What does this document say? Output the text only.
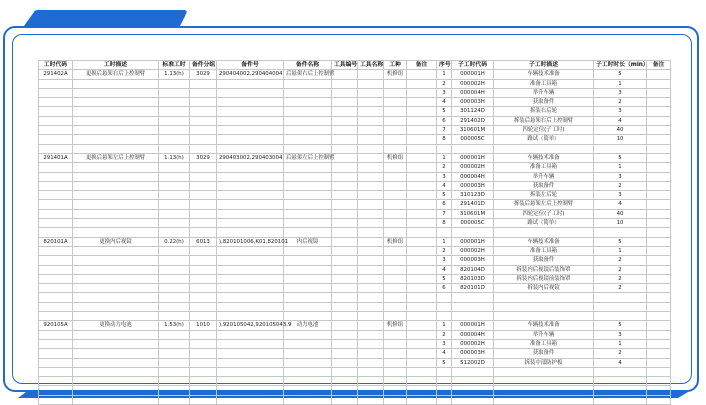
工时代码	工时描述	标准工时	备件分组	备件号	备件名称	工具编号	工具名称	工种	备注	序号	子工时代码	子工时描述	子工时时长（min）	备注
291402A	更换后悬架右后上控制臂	1.13(h)	3029	290404002,290404004	后悬架右后上控制臂			机修组		1	000001H	车辆技术准备	5	
										2	000002H	准备工具箱	1	
										3	000004H	举升车辆	3	
										4	000003H	获取备件	2	
										5	301124D	拆装右后轮	3	
										6	291402D	拆装后悬架右后上控制臂	4	
										7	310601M	四轮定位(子工时)	40	
										8	000005C	路试（简单）	10	

291401A	更换后悬架左后上控制臂	1.13(h)	3029	290403002,290403004	后悬架左后上控制臂			机修组		1	000001H	车辆技术准备	5	
										2	000002H	准备工具箱	1	
										3	000004H	举升车辆	3	
										4	000003H	获取备件	2	
										5	310123D	拆装左后轮	3	
										6	291401D	拆装后悬架左后上控制臂	4	
										7	310601M	四轮定位(子工时)	40	
										8	000005C	路试（简单）	10	

820101A	更换内后视镜	0.22(h)	6013	),820101006,K01,820101	内后视镜			机修组		1	000001H	车辆技术准备	5	
										2	000002H	准备工具箱	1	
										3	000003H	获取备件	2	
										4	820104D	拆装内后视镜后装饰罩	2	
										5	820103D	拆装内后视镜前装饰罩	2	
										6	820101D	拆装内后视镜	2	

920105A	更换动力电池	1.53(h)	1010	),920105042,920105043,9	动力电池			机修组		1	000001H	车辆技术准备	5	
										2	000004H	举升车辆	3	
										3	000002H	准备工具箱	1	
										4	000003H	获取备件	2	
										5	512002D	拆装中部防护板	4	
